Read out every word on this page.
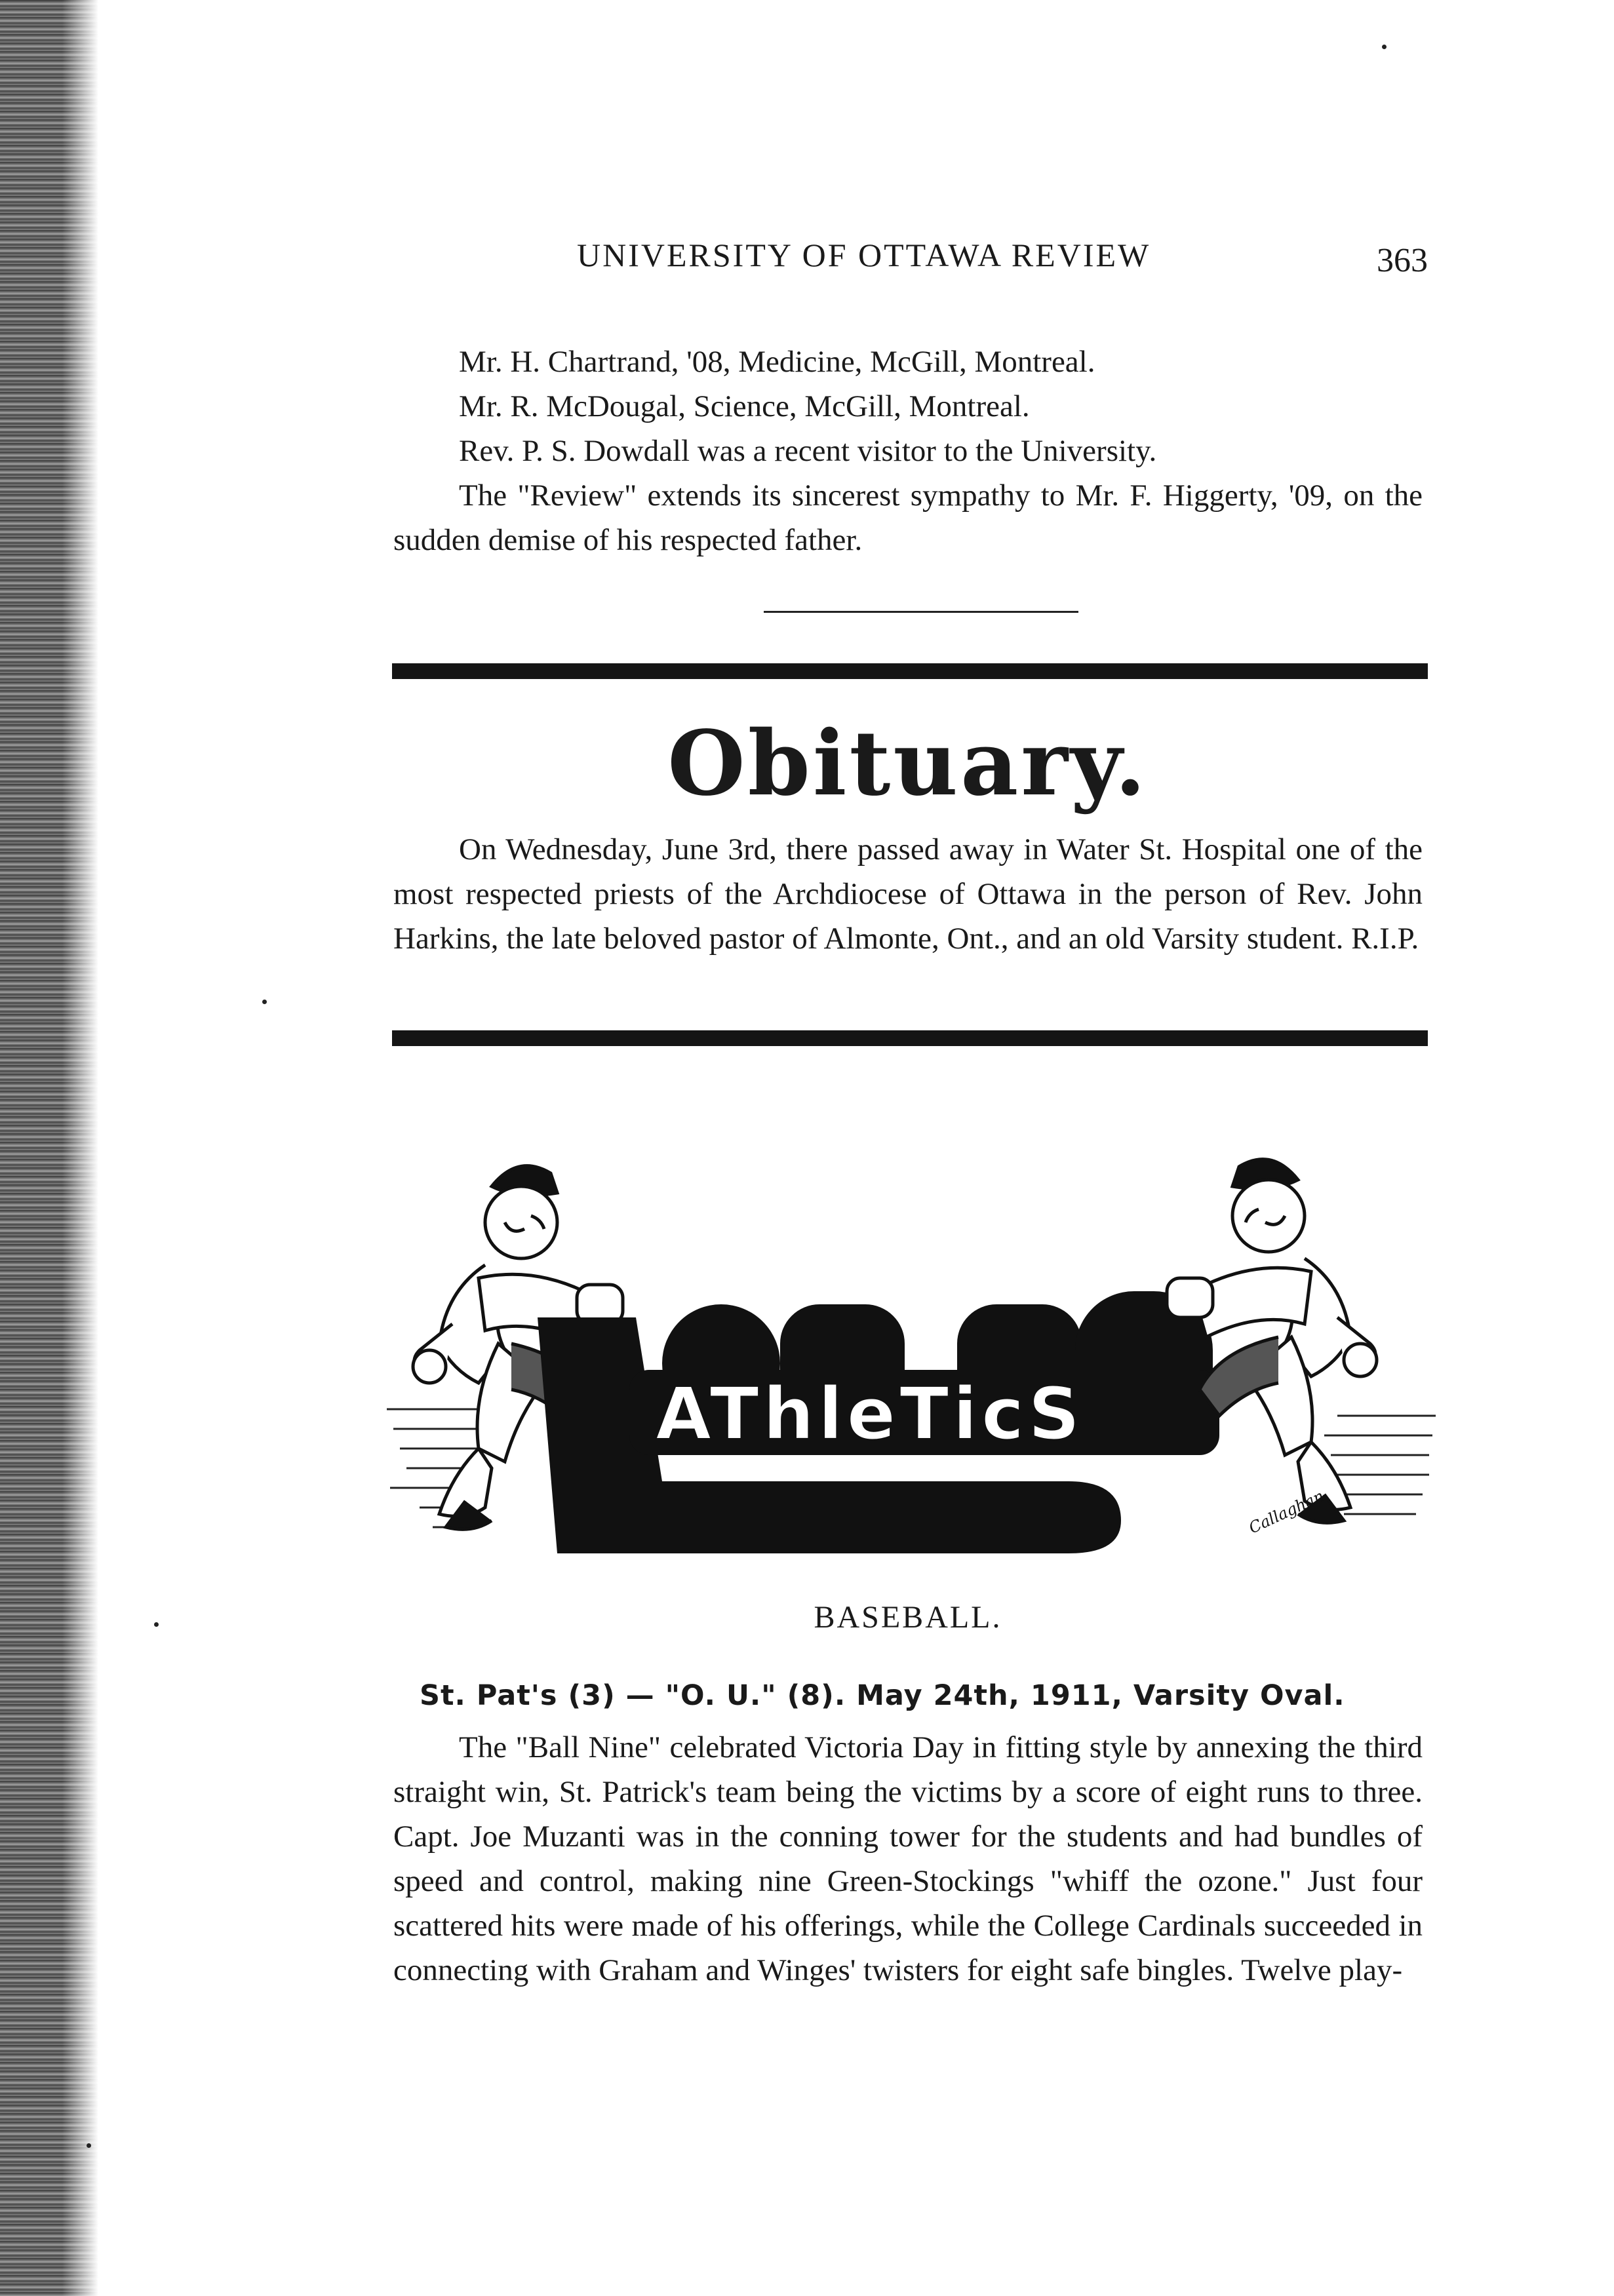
UNIVERSITY OF OTTAWA REVIEW	363

Mr. H. Chartrand, '08, Medicine, McGill, Montreal.

Mr. R. McDougal, Science, McGill, Montreal.

Rev. P. S. Dowdall was a recent visitor to the University.

The "Review" extends its sincerest sympathy to Mr. F. Higgerty, '09, on the sudden demise of his respected father.

Obituary.

On Wednesday, June 3rd, there passed away in Water St. Hospital one of the most respected priests of the Archdiocese of Ottawa in the person of Rev. John Harkins, the late beloved pastor of Almonte, Ont., and an old Varsity student. R.I.P.

AThleTicS
Callaghan
BASEBALL.
St. Pat's (3) — "O. U." (8). May 24th, 1911, Varsity Oval.

The "Ball Nine" celebrated Victoria Day in fitting style by annexing the third straight win, St. Patrick's team being the victims by a score of eight runs to three. Capt. Joe Muzanti was in the conning tower for the students and had bundles of speed and control, making nine Green-Stockings "whiff the ozone." Just four scattered hits were made of his offerings, while the College Cardinals succeeded in connecting with Graham and Winges' twisters for eight safe bingles. Twelve play-
